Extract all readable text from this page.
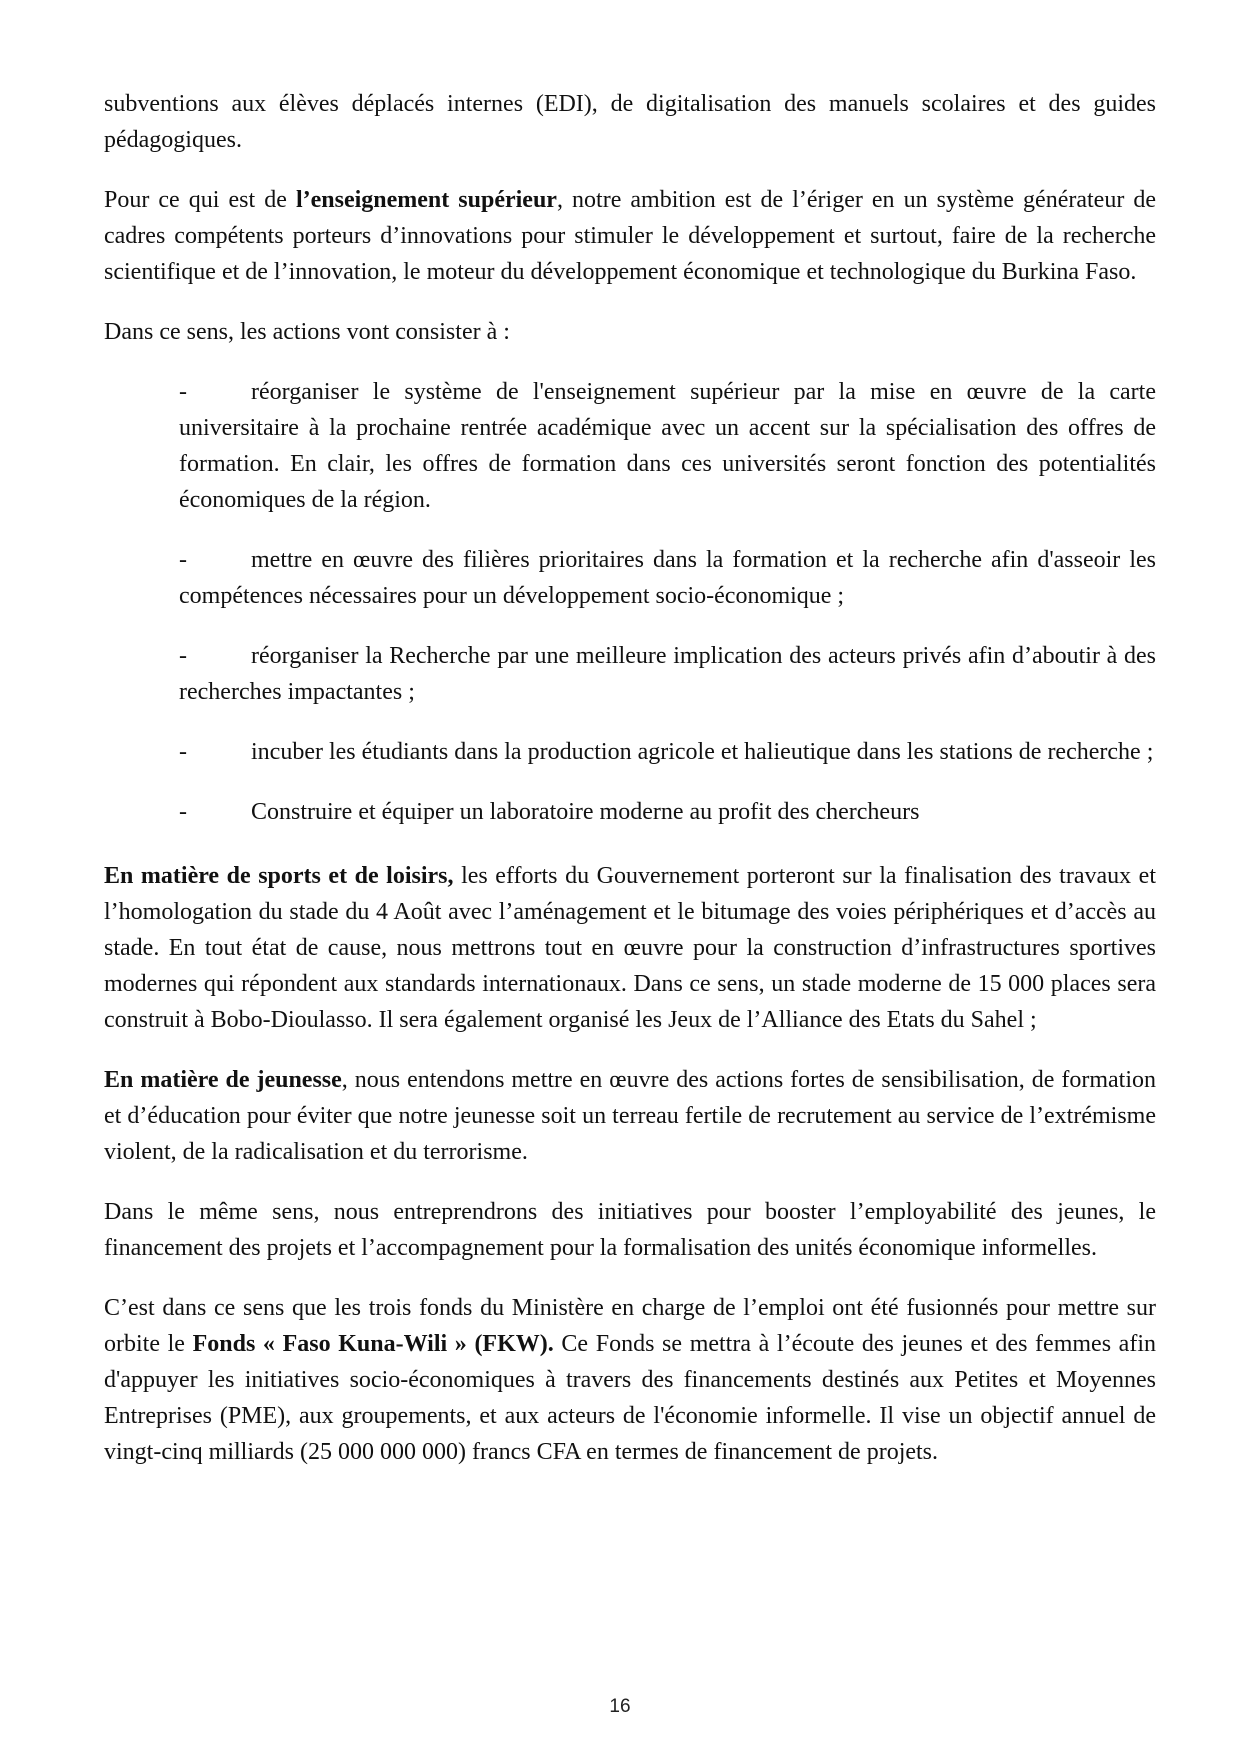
subventions aux élèves déplacés internes (EDI), de digitalisation des manuels scolaires et des guides pédagogiques.

Pour ce qui est de l’enseignement supérieur, notre ambition est de l’ériger en un système générateur de cadres compétents porteurs d’innovations pour stimuler le développement et surtout, faire de la recherche scientifique et de l’innovation, le moteur du développement économique et technologique du Burkina Faso.

Dans ce sens, les actions vont consister à :

-	réorganiser le système de l'enseignement supérieur par la mise en œuvre de la carte universitaire à la prochaine rentrée académique avec un accent sur la spécialisation des offres de formation. En clair, les offres de formation dans ces universités seront fonction des potentialités économiques de la région.

-	mettre en œuvre des filières prioritaires dans la formation et la recherche afin d'asseoir les compétences nécessaires pour un développement socio-économique ;

-	réorganiser la Recherche par une meilleure implication des acteurs privés afin d’aboutir à des recherches impactantes ;

-	incuber les étudiants dans la production agricole et halieutique dans les stations de recherche ;

-	Construire et équiper un laboratoire moderne au profit des chercheurs

En matière de sports et de loisirs, les efforts du Gouvernement porteront sur la finalisation des travaux et l’homologation du stade du 4 Août avec l’aménagement et le bitumage des voies périphériques et d’accès au stade. En tout état de cause, nous mettrons tout en œuvre pour la construction d’infrastructures sportives modernes qui répondent aux standards internationaux. Dans ce sens, un stade moderne de 15 000 places sera construit à Bobo-Dioulasso. Il sera également organisé les Jeux de l’Alliance des Etats du Sahel ;

En matière de jeunesse, nous entendons mettre en œuvre des actions fortes de sensibilisation, de formation et d’éducation pour éviter que notre jeunesse soit un terreau fertile de recrutement au service de l’extrémisme violent, de la radicalisation et du terrorisme.

Dans le même sens, nous entreprendrons des initiatives pour booster l’employabilité des jeunes, le financement des projets et l’accompagnement pour la formalisation des unités économique informelles.

C’est dans ce sens que les trois fonds du Ministère en charge de l’emploi ont été fusionnés pour mettre sur orbite le Fonds « Faso Kuna-Wili » (FKW). Ce Fonds se mettra à l’écoute des jeunes et des femmes afin d'appuyer les initiatives socio-économiques à travers des financements destinés aux Petites et Moyennes Entreprises (PME), aux groupements, et aux acteurs de l'économie informelle. Il vise un objectif annuel de vingt-cinq milliards (25 000 000 000) francs CFA en termes de financement de projets.

16
